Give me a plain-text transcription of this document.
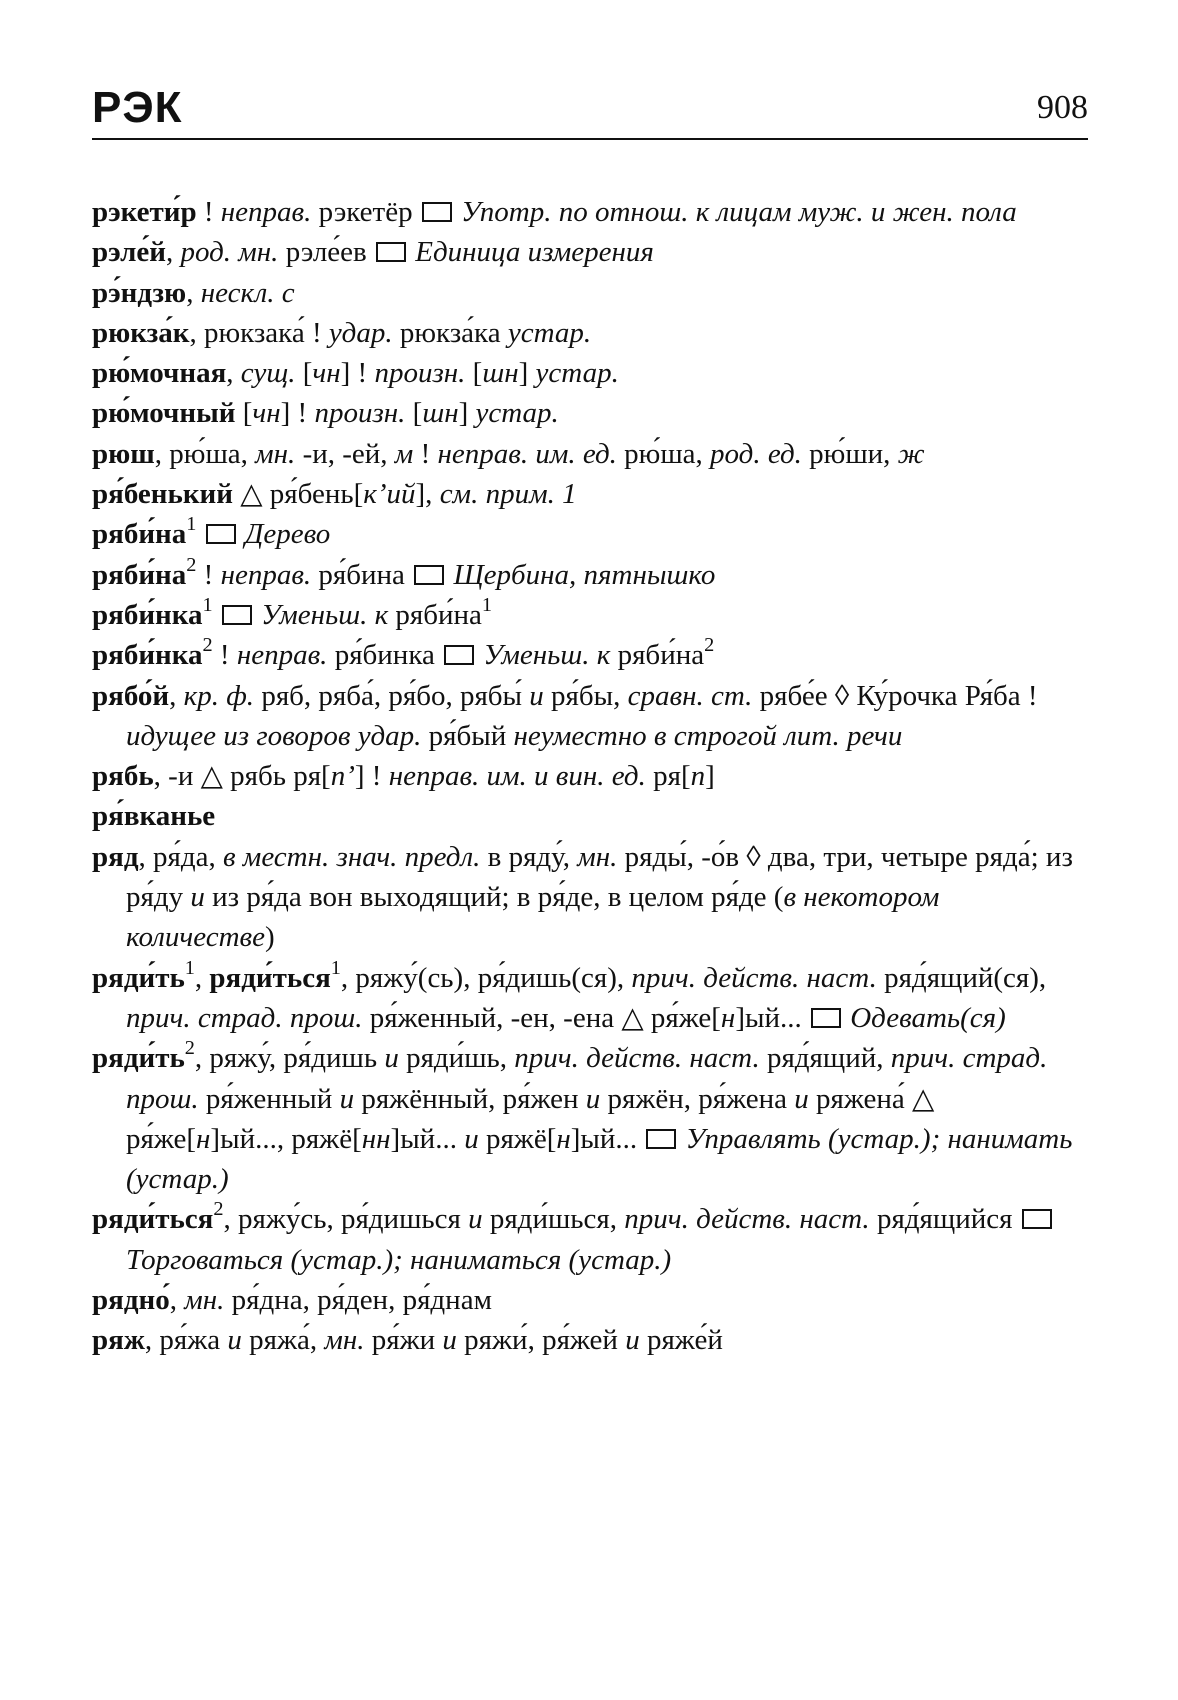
РЭК	908
рэкети́р ! неправ. рэкетёр  Употр. по отнош. к лицам муж. и жен. пола
рэле́й, род. мн. рэле́ев  Единица измерения
рэ́ндзю, нескл. с
рюкза́к, рюкзака́ ! удар. рюкза́ка устар.
рю́мочная, сущ. [чн] ! произн. [шн] устар.
рю́мочный [чн] ! произн. [шн] устар.
рюш, рю́ша, мн. -и, -ей, м ! неправ. им. ед. рю́ша, род. ед. рю́ши, ж
ря́бенький △ ря́бень[кʼий], см. прим. 1
$ряби́на^1$ Дерево
$ряби́на^2$ ! неправ. ря́бина  Щербина, пятнышко
ряби́нка$^1$ Уменьш. к $ряби́на^1$
ряби́нка$^2$ ! неправ. ря́бинка  Уменьш. к $ряби́на^2$
рябо́й, кр. ф. ряб, ряба́, ря́бо, рябы́ и ря́бы, сравн. ст. рябе́е ◊ Ку́рочка Ря́ба ! идущее из говоров удар. ря́бый неуместно в строгой лит. речи
рябь, -и △ рябь ря[пʼ] ! неправ. им. и вин. ед. ря[п]
ря́вканье
ряд, ря́да, в местн. знач. предл. в ряду́, мн. ряды́, -о́в ◊ два, три, четыре ряда́; из ря́ду и из ря́да вон выходящий; в ря́де, в целом ря́де (в некотором количестве)
$ряди́ть^1$, ряди́ться$^1$, ряжу́(сь), ря́дишь(ся), прич. действ. наст. ряд́ящий(ся), прич. страд. прош. ря́женный, -ен, -ена △ ря́же[н]ый...  Одевать(ся)
$ряди́ть^2$, ряжу́, ря́дишь и ряди́шь, прич. действ. наст. ряд́ящий, прич. страд. прош. ря́женный и ряжённый, ря́жен и ряжён, ря́жена и ряжена́ △ ря́же[н]ый..., ряжё[нн]ый... и ряжё[н]ый...  Управлять (устар.); нанимать (устар.)
ряди́ться$^2$, ряжу́сь, ря́дишься и ряди́шься, прич. действ. наст. ряд́ящийся  Торговаться (устар.); наниматься (устар.)
рядно́, мн. ря́дна, ря́ден, ря́днам
ряж, ря́жа и ряжа́, мн. ря́жи и ряжи́, ря́жей и ряже́й
